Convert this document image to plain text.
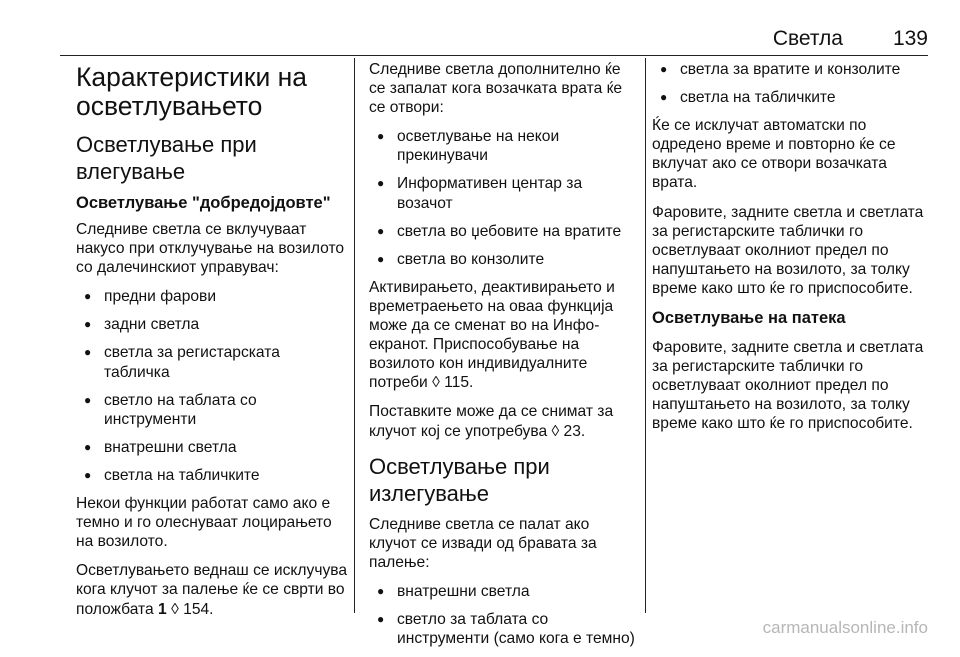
Светла 139
Карактеристики на осветлувањето
Осветлување при влегување
Осветлување "добредојдовте"

Следниве светла се вклучуваат накусо при отклучување на возилото со далечинскиот управувач:

● предни фарови
● задни светла
● светла за регистарската табличка
● светло на таблата со инструменти
● внатрешни светла
● светла на табличките

Некои функции работат само ако е темно и го олеснуваат лоцирањето на возилото.

Осветлувањето веднаш се исклучува кога клучот за палење ќе се сврти во положбата 1 ◊ 154.

Следниве светла дополнително ќе се запалат кога возачката врата ќе се отвори:

● осветлување на некои прекинувачи
● Информативен центар за возачот
● светла во џебовите на вратите
● светла во конзолите

Активирањето, деактивирањето и времетраењето на оваа функција може да се сменат во на Инфо-екранот. Приспособување на возилото кон индивидуалните потреби ◊ 115.

Поставките може да се снимат за клучот кој се употребува ◊ 23.

Осветлување при излегување

Следниве светла се палат ако клучот се извади од бравата за палење:

● внатрешни светла
● светло за таблата со инструменти (само кога е темно)
● светла за вратите и конзолите
● светла на табличките

Ќе се исклучат автоматски по одредено време и повторно ќе се вклучат ако се отвори возачката врата.

Фаровите, задните светла и светлата за регистарските таблички го осветлуваат околниот предел по напуштањето на возилото, за толку време како што ќе го приспособите.

Осветлување на патека

Фаровите, задните светла и светлата за регистарските таблички го осветлуваат околниот предел по напуштањето на возилото, за толку време како што ќе го приспособите.

carmanualsonline.info
